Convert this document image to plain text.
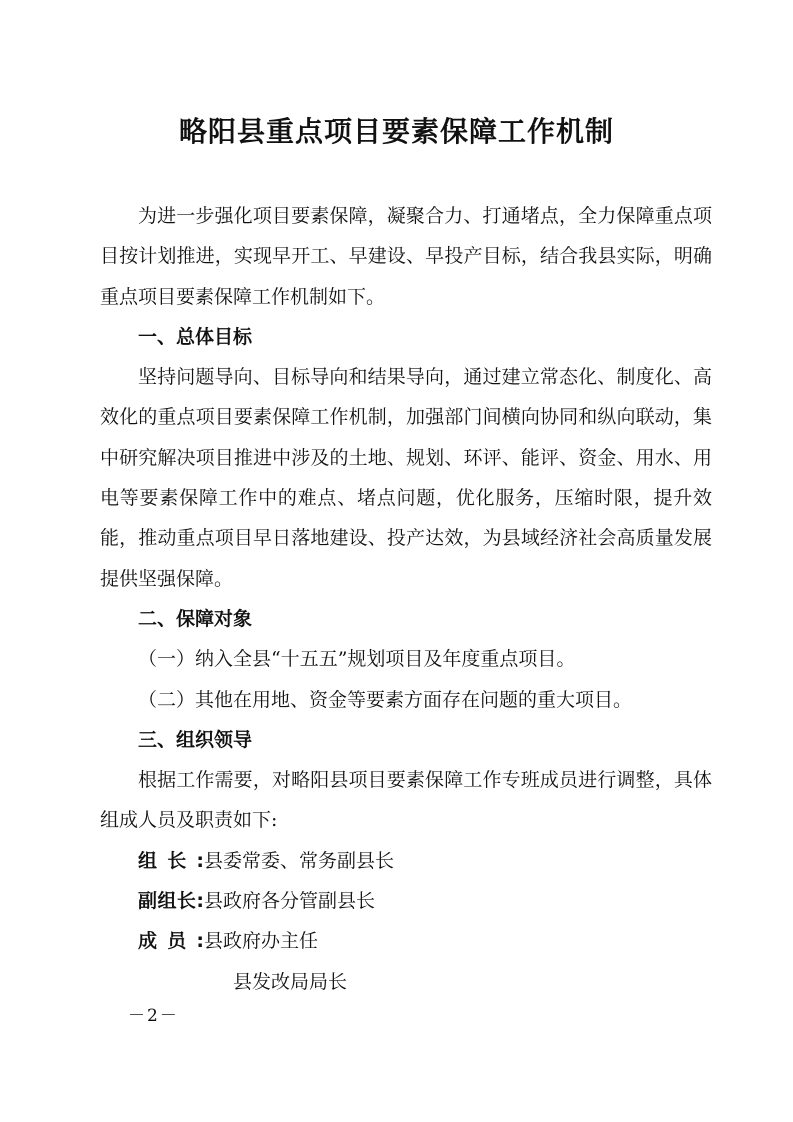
略阳县重点项目要素保障工作机制

为进一步强化项目要素保障，凝聚合力、打通堵点，全力保障重点项目按计划推进，实现早开工、早建设、早投产目标，结合我县实际，明确重点项目要素保障工作机制如下。

一、总体目标

坚持问题导向、目标导向和结果导向，通过建立常态化、制度化、高效化的重点项目要素保障工作机制，加强部门间横向协同和纵向联动，集中研究解决项目推进中涉及的土地、规划、环评、能评、资金、用水、用电等要素保障工作中的难点、堵点问题，优化服务，压缩时限，提升效能，推动重点项目早日落地建设、投产达效，为县域经济社会高质量发展提供坚强保障。

二、保障对象

（一）纳入全县“十五五”规划项目及年度重点项目。

（二）其他在用地、资金等要素方面存在问题的重大项目。

三、组织领导

根据工作需要，对略阳县项目要素保障工作专班成员进行调整，具体组成人员及职责如下:

组长:县委常委、常务副县长
副组长:县政府各分管副县长
成员:县政府办主任
县发改局局长
－2－
